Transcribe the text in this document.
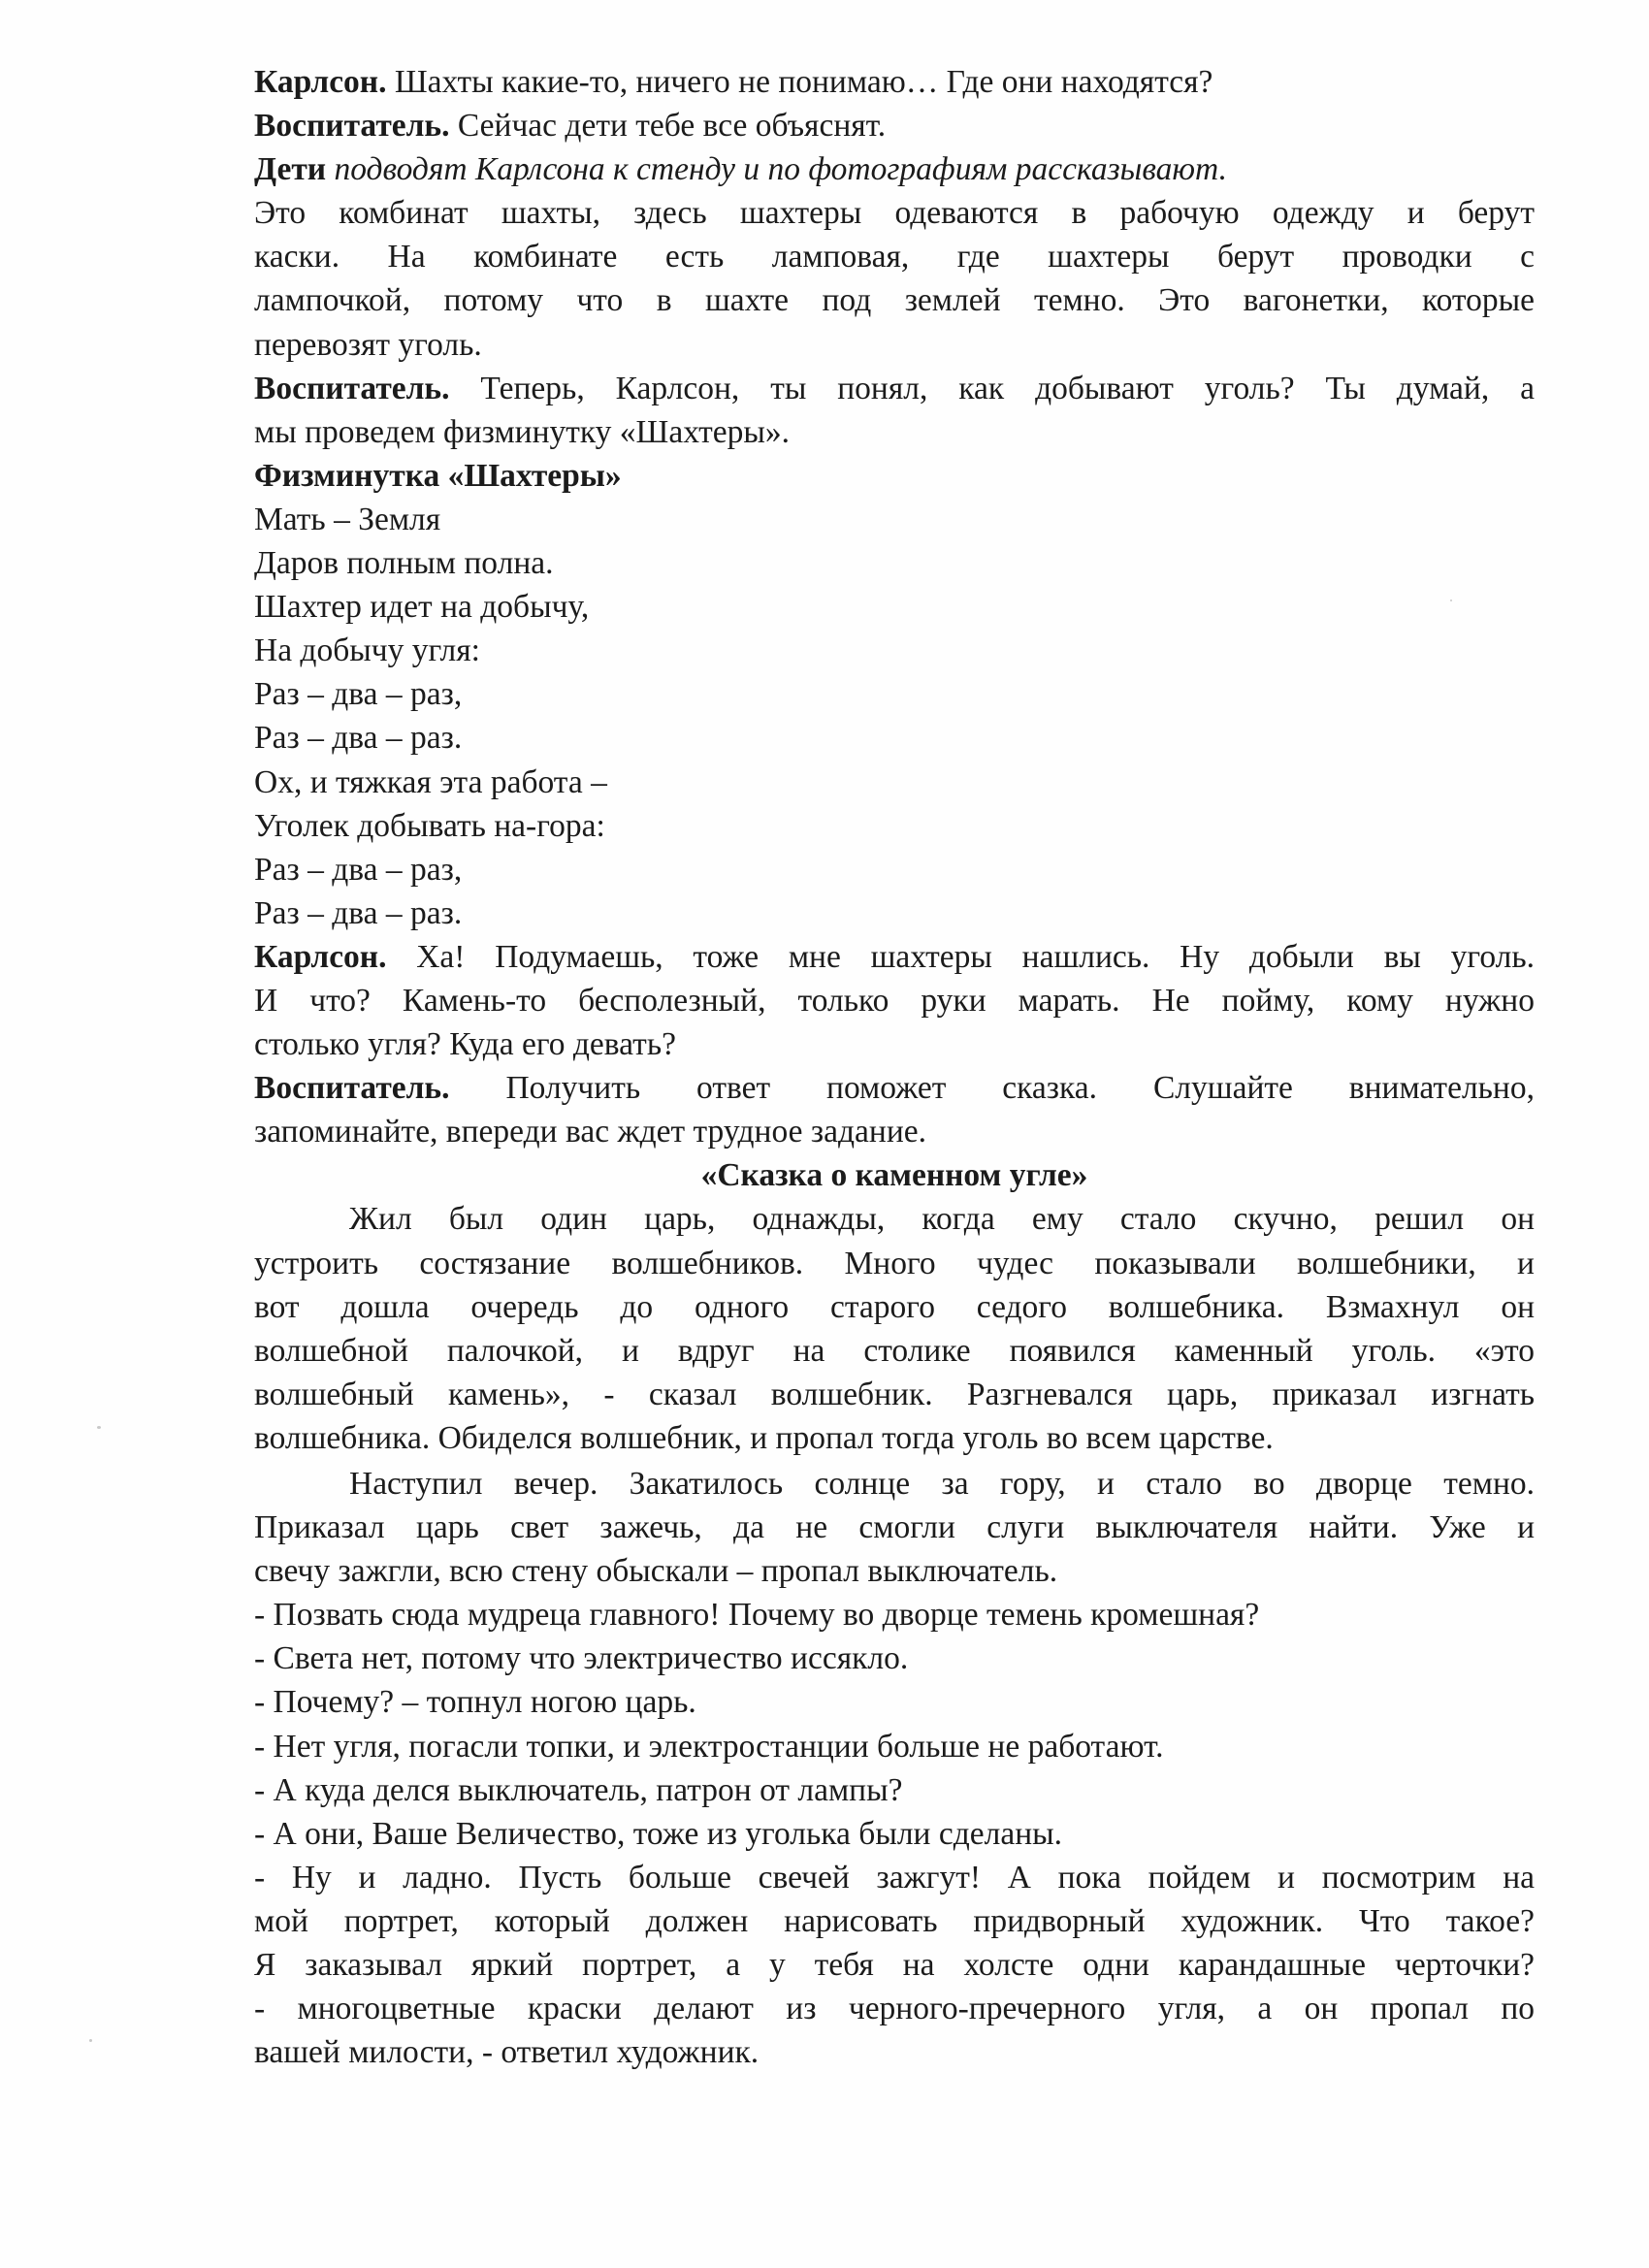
Карлсон. Шахты какие-то, ничего не понимаю… Где они находятся?
Воспитатель. Сейчас дети тебе все объяснят.
Дети подводят Карлсона к стенду и по фотографиям рассказывают.
Это комбинат шахты, здесь шахтеры одеваются в рабочую одежду и берут
каски. На комбинате есть ламповая, где шахтеры берут проводки с
лампочкой, потому что в шахте под землей темно. Это вагонетки, которые
перевозят уголь.
Воспитатель. Теперь, Карлсон, ты понял, как добывают уголь? Ты думай, а
мы проведем физминутку «Шахтеры».
Физминутка «Шахтеры»
Мать – Земля
Даров полным полна.
Шахтер идет на добычу,
На добычу угля:
Раз – два – раз,
Раз – два – раз.
Ох, и тяжкая эта работа –
Уголек добывать на-гора:
Раз – два – раз,
Раз – два – раз.
Карлсон. Ха! Подумаешь, тоже мне шахтеры нашлись. Ну добыли вы уголь.
И что? Камень-то бесполезный, только руки марать. Не пойму, кому нужно
столько угля? Куда его девать?
Воспитатель. Получить ответ поможет сказка. Слушайте внимательно,
запоминайте, впереди вас ждет трудное задание.
«Сказка о каменном угле»
Жил был один царь, однажды, когда ему стало скучно, решил он
устроить состязание волшебников. Много чудес показывали волшебники, и
вот дошла очередь до одного старого седого волшебника. Взмахнул он
волшебной палочкой, и вдруг на столике появился каменный уголь. «это
волшебный камень», - сказал волшебник. Разгневался царь, приказал изгнать
волшебника. Обиделся волшебник, и пропал тогда уголь во всем царстве.
Наступил вечер. Закатилось солнце за гору, и стало во дворце темно.
Приказал царь свет зажечь, да не смогли слуги выключателя найти. Уже и
свечу зажгли, всю стену обыскали – пропал выключатель.
- Позвать сюда мудреца главного! Почему во дворце темень кромешная?
- Света нет, потому что электричество иссякло.
- Почему? – топнул ногою царь.
- Нет угля, погасли топки, и электростанции больше не работают.
- А куда делся выключатель, патрон от лампы?
- А они, Ваше Величество, тоже из уголька были сделаны.
- Ну и ладно. Пусть больше свечей зажгут! А пока пойдем и посмотрим на
мой портрет, который должен нарисовать придворный художник. Что такое?
Я заказывал яркий портрет, а у тебя на холсте одни карандашные черточки?
- многоцветные краски делают из черного-пречерного угля, а он пропал по
вашей милости, - ответил художник.
